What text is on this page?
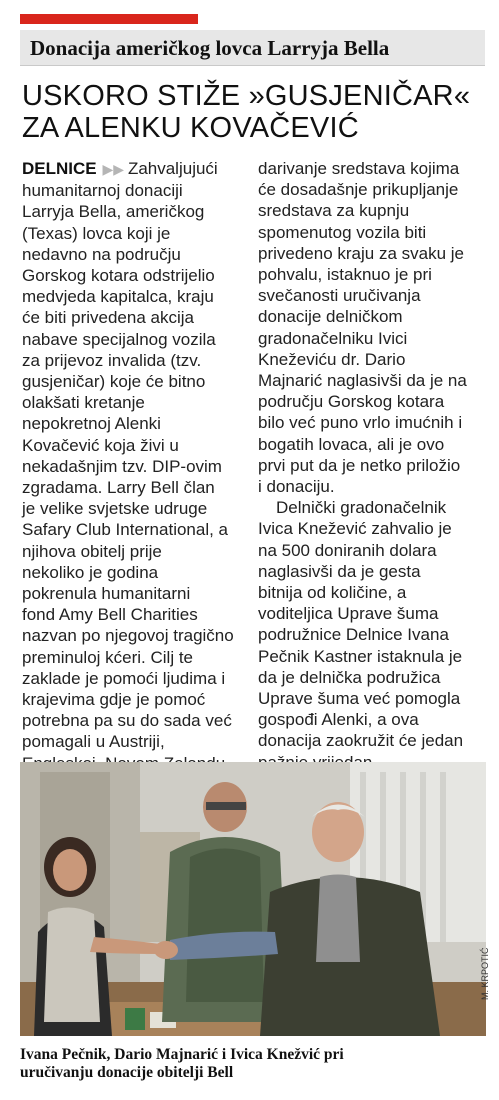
Donacija američkog lovca Larryja Bella
USKORO STIŽE »GUSJENIČAR«
ZA ALENKU KOVAČEVIĆ
DELNICE ▶▶ Zahvaljujući
humanitarnoj donaciji
Larryja Bella, američkog
(Texas) lovca koji je
nedavno na području
Gorskog kotara odstrijelio
medvjeda kapitalca, kraju
će biti privedena akcija
nabave specijalnog vozila
za prijevoz invalida (tzv.
gusjeničar) koje će bitno
olakšati kretanje
nepokretnoj Alenki
Kovačević koja živi u
nekadašnjim tzv. DIP-ovim
zgradama. Larry Bell član
je velike svjetske udruge
Safary Club International, a
njihova obitelj prije
nekoliko je godina
pokrenula humanitarni
fond Amy Bell Charities
nazvan po njegovoj tragično
preminuloj kćeri. Cilj te
zaklade je pomoći ljudima i
krajevima gdje je pomoć
potrebna pa su do sada već
pomagali u Austriji,
darivanje sredstava kojima
će dosadašnje prikupljanje
sredstava za kupnju
spomenutog vozila biti
privedeno kraju za svaku je
pohvalu, istaknuo je pri
svečanosti uručivanja
donacije delničkom
gradonačelniku Ivici
Kneževiću dr. Dario
Majnarić naglasivši da je na
području Gorskog kotara
bilo već puno vrlo imućnih i
bogatih lovaca, ali je ovo
prvi put da je netko priložio
i donaciju.
Delnički gradonačelnik
Ivica Knežević zahvalio je
na 500 doniranih dolara
naglasivši da je gesta
bitnija od količine, a
voditeljica Uprave šuma
podružnice Delnice Ivana
Pečnik Kastner istaknula je
da je delnička podružica
Uprave šuma već pomogla
gospođi Alenki, a ova
donacija zaokružit će jedan
M. KRPOTIĆ
Ivana Pečnik, Dario Majnarić i Ivica Knežvić pri
uručivanju donacije obitelji Bell
